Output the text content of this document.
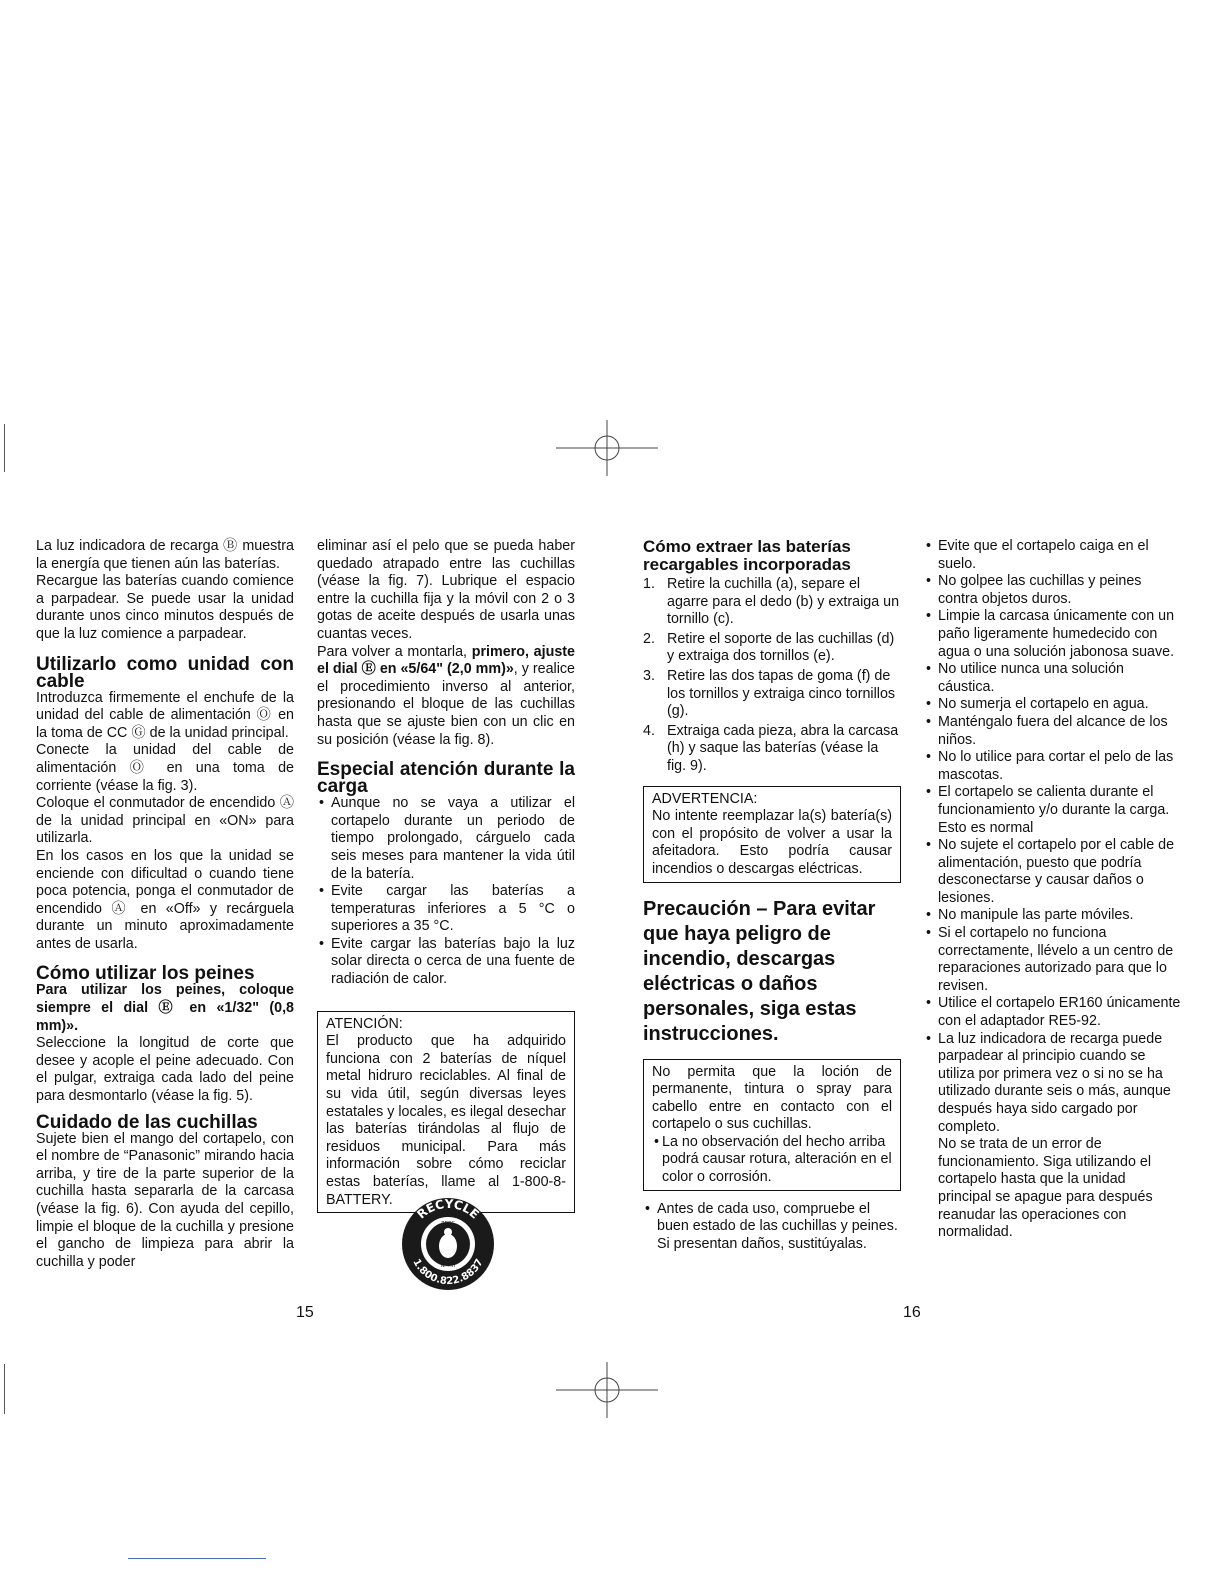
La luz indicadora de recarga Ⓑ muestra la energía que tienen aún las baterías.

Recargue las baterías cuando comience a parpadear. Se puede usar la unidad durante unos cinco minutos después de que la luz comience a parpadear.

Utilizarlo como unidad con cable

Introduzca firmemente el enchufe de la unidad del cable de alimentación Ⓞ en la toma de CC Ⓖ de la unidad principal.

Conecte la unidad del cable de alimentación Ⓞ en una toma de corriente (véase la fig. 3).

Coloque el conmutador de encendido Ⓐ de la unidad principal en «ON» para utilizarla.

En los casos en los que la unidad se enciende con dificultad o cuando tiene poca potencia, ponga el conmutador de encendido Ⓐ en «Off» y recárguela durante un minuto aproximadamente antes de usarla.

Cómo utilizar los peines

Para utilizar los peines, coloque siempre el dial Ⓔ en «1/32" (0,8 mm)».

Seleccione la longitud de corte que desee y acople el peine adecuado. Con el pulgar, extraiga cada lado del peine para desmontarlo (véase la fig. 5).

Cuidado de las cuchillas

Sujete bien el mango del cortapelo, con el nombre de “Panasonic” mirando hacia arriba, y tire de la parte superior de la cuchilla hasta separarla de la carcasa (véase la fig. 6). Con ayuda del cepillo, limpie el bloque de la cuchilla y presione el gancho de limpieza para abrir la cuchilla y poder

eliminar así el pelo que se pueda haber quedado atrapado entre las cuchillas (véase la fig. 7). Lubrique el espacio entre la cuchilla fija y la móvil con 2 o 3 gotas de aceite después de usarla unas cuantas veces.

Para volver a montarla, primero, ajuste el dial Ⓔ en «5/64" (2,0 mm)», y realice el procedimiento inverso al anterior, presionando el bloque de las cuchillas hasta que se ajuste bien con un clic en su posición (véase la fig. 8).

Especial atención durante la carga
• Aunque no se vaya a utilizar el cortapelo durante un periodo de tiempo prolongado, cárguelo cada seis meses para mantener la vida útil de la batería.
• Evite cargar las baterías a temperaturas inferiores a 5 °C o superiores a 35 °C.
• Evite cargar las baterías bajo la luz solar directa o cerca de una fuente de radiación de calor.

ATENCIÓN:

El producto que ha adquirido funciona con 2 baterías de níquel metal hidruro reciclables. Al final de su vida útil, según diversas leyes estatales y locales, es ilegal desechar las baterías tirándolas al flujo de residuos municipal. Para más información sobre cómo reciclar estas baterías, llame al 1-800-8-BATTERY.

RECYCLE
1.800.822.8837
RBRC
Ni-MH
Cómo extraer las baterías recargables incorporadas
1. Retire la cuchilla (a), separe el agarre para el dedo (b) y extraiga un tornillo (c).
2. Retire el soporte de las cuchillas (d) y extraiga dos tornillos (e).
3. Retire las dos tapas de goma (f) de los tornillos y extraiga cinco tornillos (g).
4. Extraiga cada pieza, abra la carcasa (h) y saque las baterías (véase la fig. 9).

ADVERTENCIA:

No intente reemplazar la(s) batería(s) con el propósito de volver a usar la afeitadora. Esto podría causar incendios o descargas eléctricas.

Precaución – Para evitar que haya peligro de incendio, descargas eléctricas o daños personales, siga estas instrucciones.

No permita que la loción de permanente, tintura o spray para cabello entre en contacto con el cortapelo o sus cuchillas.

• La no observación del hecho arriba podrá causar rotura, alteración en el color o corrosión.
• Antes de cada uso, compruebe el buen estado de las cuchillas y peines. Si presentan daños, sustitúyalas.
• Evite que el cortapelo caiga en el suelo.
• No golpee las cuchillas y peines contra objetos duros.
• Limpie la carcasa únicamente con un paño ligeramente humedecido con agua o una solución jabonosa suave.
• No utilice nunca una solución cáustica.
• No sumerja el cortapelo en agua.
• Manténgalo fuera del alcance de los niños.
• No lo utilice para cortar el pelo de las mascotas.
• El cortapelo se calienta durante el funcionamiento y/o durante la carga. Esto es normal
• No sujete el cortapelo por el cable de alimentación, puesto que podría desconectarse y causar daños o lesiones.
• No manipule las parte móviles.
• Si el cortapelo no funciona correctamente, llévelo a un centro de reparaciones autorizado para que lo revisen.
• Utilice el cortapelo ER160 únicamente con el adaptador RE5-92.

• La luz indicadora de recarga puede parpadear al principio cuando se utiliza por primera vez o si no se ha utilizado durante seis o más, aunque después haya sido cargado por completo.

No se trata de un error de funcionamiento. Siga utilizando el cortapelo hasta que la unidad principal se apague para después reanudar las operaciones con normalidad.

15	16
